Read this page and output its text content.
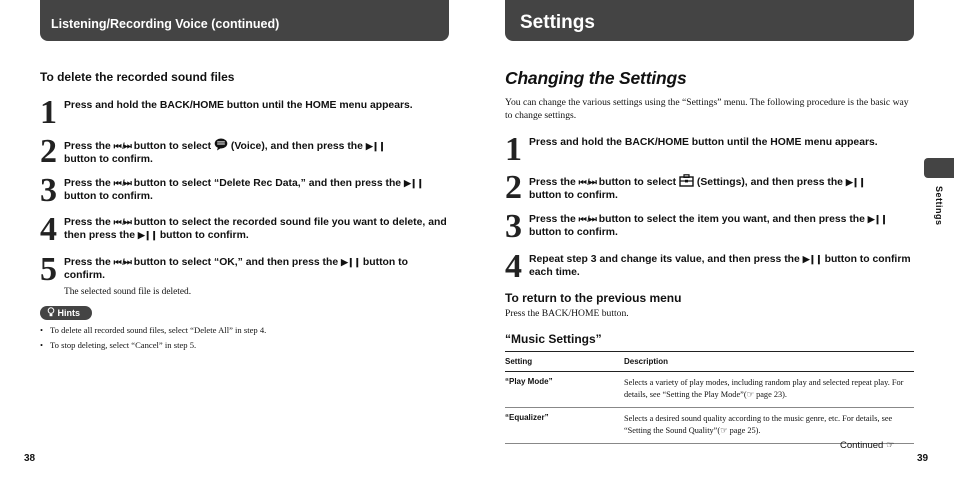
Listening/Recording Voice (continued)
To delete the recorded sound files
1 Press and hold the BACK/HOME button until the HOME menu appears.
2 Press the ⏮ /⏭ button to select  (Voice), and then press the ▶❙❙
button to confirm.
3 Press the ⏮ /⏭ button to select “Delete Rec Data,” and then press the ▶❙❙ button to confirm.
4 Press the ⏮ /⏭ button to select the recorded sound file you want to delete, and then press the ▶❙❙ button to confirm.
5 Press the ⏮ /⏭ button to select “OK,” and then press the ▶❙❙ button to confirm.
The selected sound file is deleted.
Hints
• To delete all recorded sound files, select “Delete All” in step 4.
• To stop deleting, select “Cancel” in step 5.
38
Settings
Settings
Changing the Settings
You can change the various settings using the “Settings” menu. The following procedure is the basic way to change settings.
1 Press and hold the BACK/HOME button until the HOME menu appears.
2 Press the ⏮ /⏭ button to select  (Settings), and then press the ▶❙❙
button to confirm.
3 Press the ⏮ /⏭ button to select the item you want, and then press the ▶❙❙ button to confirm.
4 Repeat step 3 and change its value, and then press the ▶❙❙ button to confirm each time.
To return to the previous menu
Press the BACK/HOME button.
“Music Settings”
Setting	Description
“Play Mode”	Selects a variety of play modes, including random play and selected repeat play. For details, see “Setting the Play Mode”(☞ page 23).
“Equalizer”	Selects a desired sound quality according to the music genre, etc. For details, see “Setting the Sound Quality”(☞ page 25).
Continued ☞
39
